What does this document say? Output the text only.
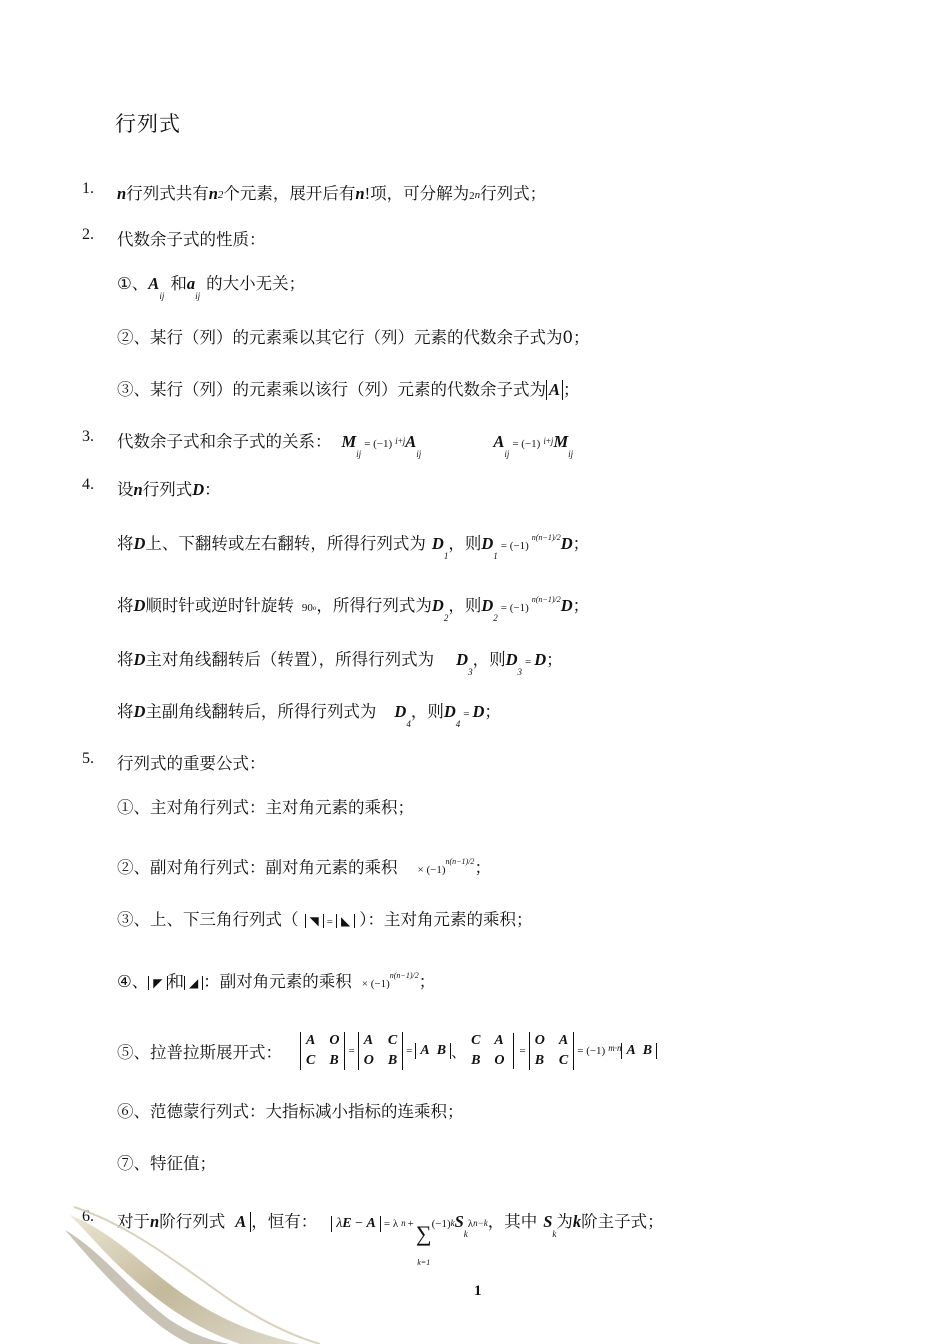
行列式
1. n 行列式共有 n 2 个元素，展开后有 n ! 项，可分解为 2 n 行列式；
2. 代数余子式的性质：
①、 A
ij
和 a
ij
的大小无关；
②、某行（列）的元素乘以其它行（列）元素的代数余子式为0；
③、某行（列）的元素乘以该行（列）元素的代数余子式为 A ；
3. 代数余子式和余子式的关系： M
ij
= (−1) i + j A
ij
A
ij
= (−1) i + j M
ij
4. 设 n 行列式 D ：
将 D 上、下翻转或左右翻转，所得行列式为 D
1
，则 D
1
= (−1)
n(n−1)/2 D ；
将 D 顺时针或逆时针旋转 90 o ，所得行列式为 D
2
，则 D
2
= (−1)
n(n−1)/2 D ；
将 D 主对角线翻转后（转置），所得行列式为 D
3
，则 D
3
= D ；
将 D 主副角线翻转后，所得行列式为 D
4
，则 D
4
= D ；
5. 行列式的重要公式：
①、主对角行列式：主对角元素的乘积；
②、副对角行列式：副对角元素的乘积 × (−1)
n(n−1)/2 ；
③、上、下三角行列式（ ◥ = ◣ ）：主对角元素的乘积；
④、 ◤ 和 ◢ ：副对角元素的乘积 × (−1)
n(n−1)/2 ；
⑤、拉普拉斯展开式：
A O
C B
=
A C
O B
= A  B 、
C A
B O
=
O A
B C
= (−1) m·n A  B
⑥、范德蒙行列式：大指标减小指标的连乘积；
⑦、特征值；
6. 对于 n 阶行列式 A ，恒有：	λE − A = λ n + ∑
k=1
(−1) k S
k
λ n−k ，其中 S
k
为 k 阶主子式；
1
